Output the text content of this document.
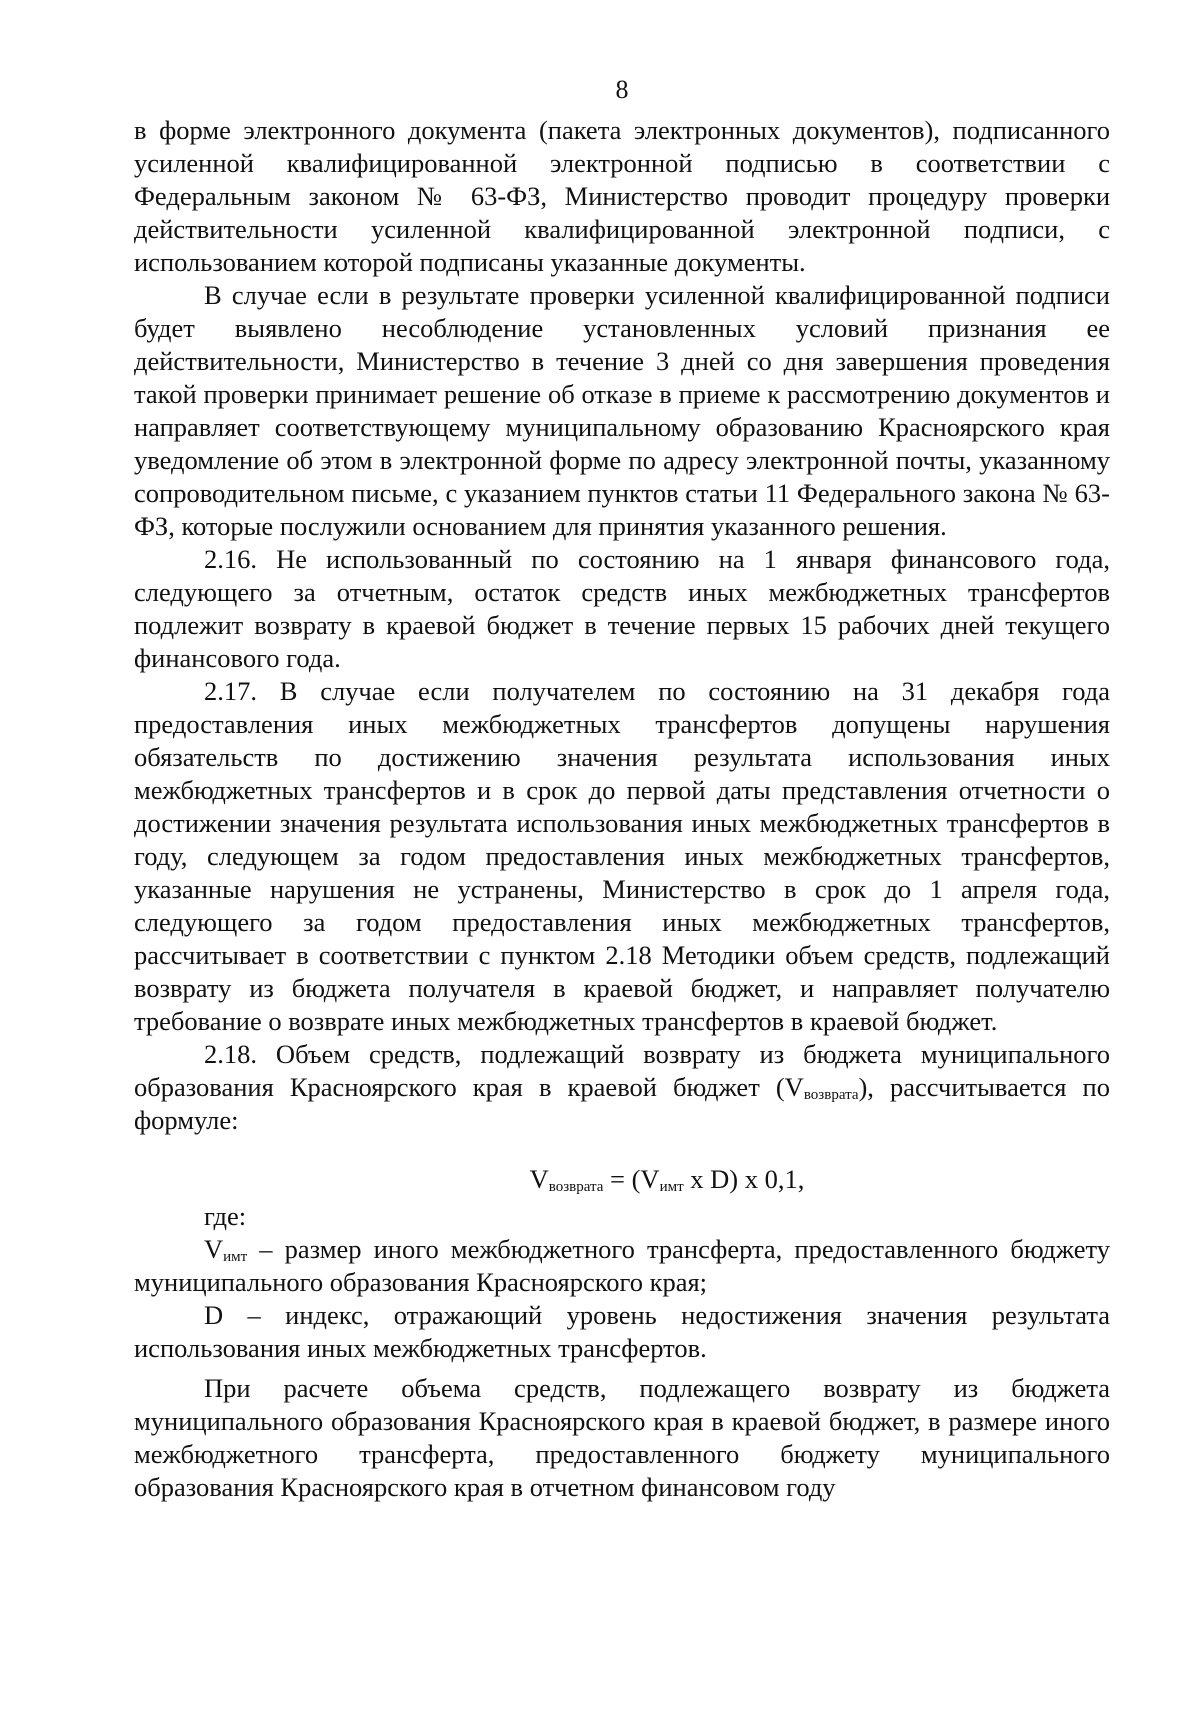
8

в форме электронного документа (пакета электронных документов), подписанного усиленной квалифицированной электронной подписью в соответствии с Федеральным законом № 63-ФЗ, Министерство проводит процедуру проверки действительности усиленной квалифицированной электронной подписи, с использованием которой подписаны указанные документы.

В случае если в результате проверки усиленной квалифицированной подписи будет выявлено несоблюдение установленных условий признания ее действительности, Министерство в течение 3 дней со дня завершения проведения такой проверки принимает решение об отказе в приеме к рассмотрению документов и направляет соответствующему муниципальному образованию Красноярского края уведомление об этом в электронной форме по адресу электронной почты, указанному сопроводительном письме, с указанием пунктов статьи 11 Федерального закона № 63-ФЗ, которые послужили основанием для принятия указанного решения.

2.16. Не использованный по состоянию на 1 января финансового года, следующего за отчетным, остаток средств иных межбюджетных трансфертов подлежит возврату в краевой бюджет в течение первых 15 рабочих дней текущего финансового года.

2.17. В случае если получателем по состоянию на 31 декабря года предоставления иных межбюджетных трансфертов допущены нарушения обязательств по достижению значения результата использования иных межбюджетных трансфертов и в срок до первой даты представления отчетности о достижении значения результата использования иных межбюджетных трансфертов в году, следующем за годом предоставления иных межбюджетных трансфертов, указанные нарушения не устранены, Министерство в срок до 1 апреля года, следующего за годом предоставления иных межбюджетных трансфертов, рассчитывает в соответствии с пунктом 2.18 Методики объем средств, подлежащий возврату из бюджета получателя в краевой бюджет, и направляет получателю требование о возврате иных межбюджетных трансфертов в краевой бюджет.

2.18. Объем средств, подлежащий возврату из бюджета муниципального образования Красноярского края в краевой бюджет $(V_{возврата})$, рассчитывается по формуле:

$V_{возврата} = (V_{имт}$ x D) x 0,1,

где:

$V_{имт}$ – размер иного межбюджетного трансферта, предоставленного бюджету муниципального образования Красноярского края;

D – индекс, отражающий уровень недостижения значения результата использования иных межбюджетных трансфертов.

При расчете объема средств, подлежащего возврату из бюджета муниципального образования Красноярского края в краевой бюджет, в размере иного межбюджетного трансферта, предоставленного бюджету муниципального образования Красноярского края в отчетном финансовом году
